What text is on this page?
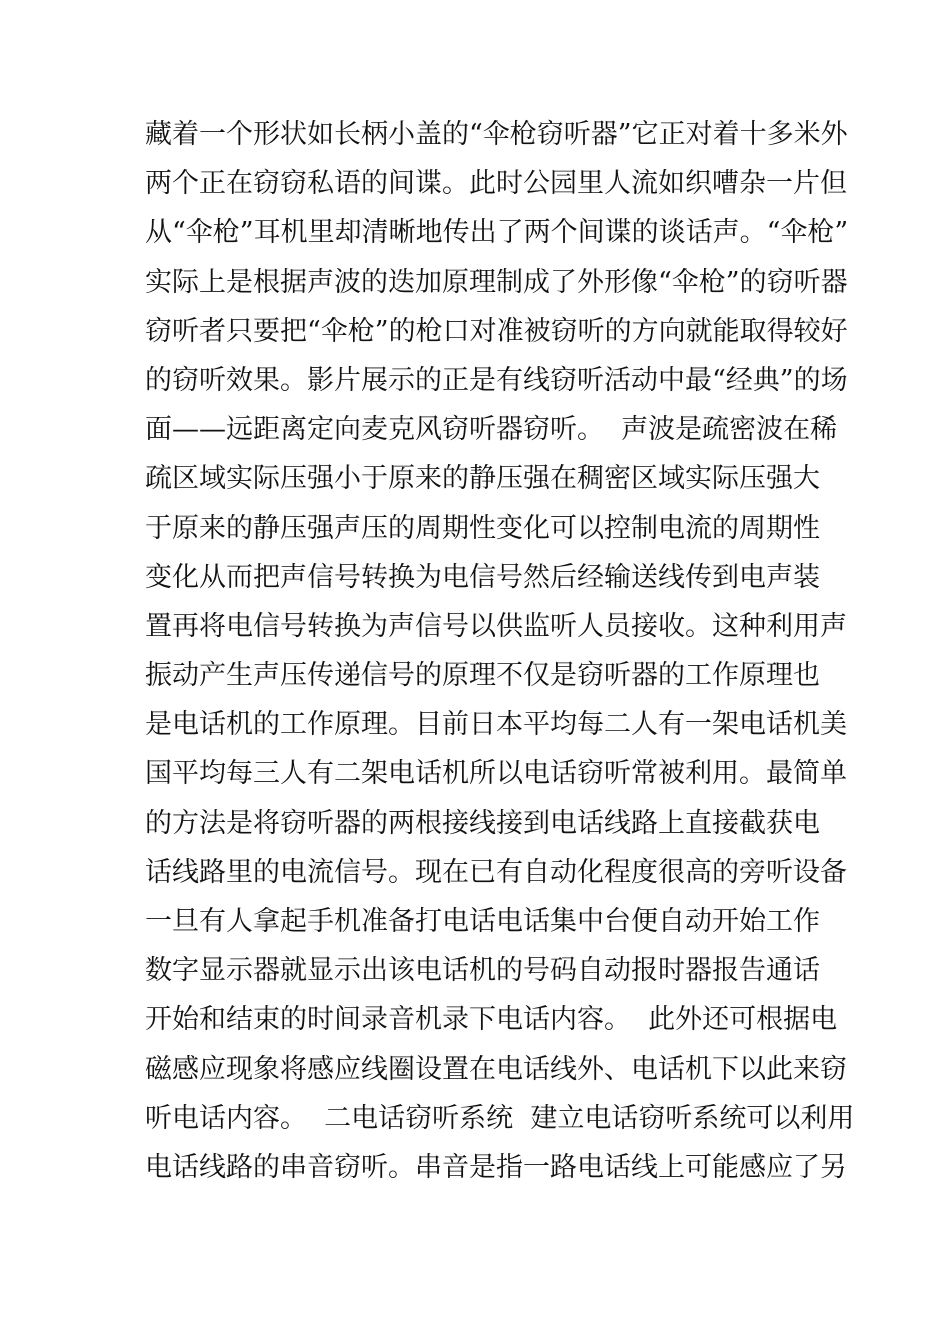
藏着一个形状如长柄小盖的“伞枪窃听器”它正对着十多米外
两个正在窃窃私语的间谍。此时公园里人流如织嘈杂一片但
从“伞枪”耳机里却清晰地传出了两个间谍的谈话声。“伞枪”
实际上是根据声波的迭加原理制成了外形像“伞枪”的窃听器
窃听者只要把“伞枪”的枪口对准被窃听的方向就能取得较好
的窃听效果。影片展示的正是有线窃听活动中最“经典”的场
面——远距离定向麦克风窃听器窃听。  声波是疏密波在稀
疏区域实际压强小于原来的静压强在稠密区域实际压强大
于原来的静压强声压的周期性变化可以控制电流的周期性
变化从而把声信号转换为电信号然后经输送线传到电声装
置再将电信号转换为声信号以供监听人员接收。这种利用声
振动产生声压传递信号的原理不仅是窃听器的工作原理也
是电话机的工作原理。目前日本平均每二人有一架电话机美
国平均每三人有二架电话机所以电话窃听常被利用。最简单
的方法是将窃听器的两根接线接到电话线路上直接截获电
话线路里的电流信号。现在已有自动化程度很高的旁听设备
一旦有人拿起手机准备打电话电话集中台便自动开始工作
数字显示器就显示出该电话机的号码自动报时器报告通话
开始和结束的时间录音机录下电话内容。  此外还可根据电
磁感应现象将感应线圈设置在电话线外、电话机下以此来窃
听电话内容。  二电话窃听系统  建立电话窃听系统可以利用
电话线路的串音窃听。串音是指一路电话线上可能感应了另
